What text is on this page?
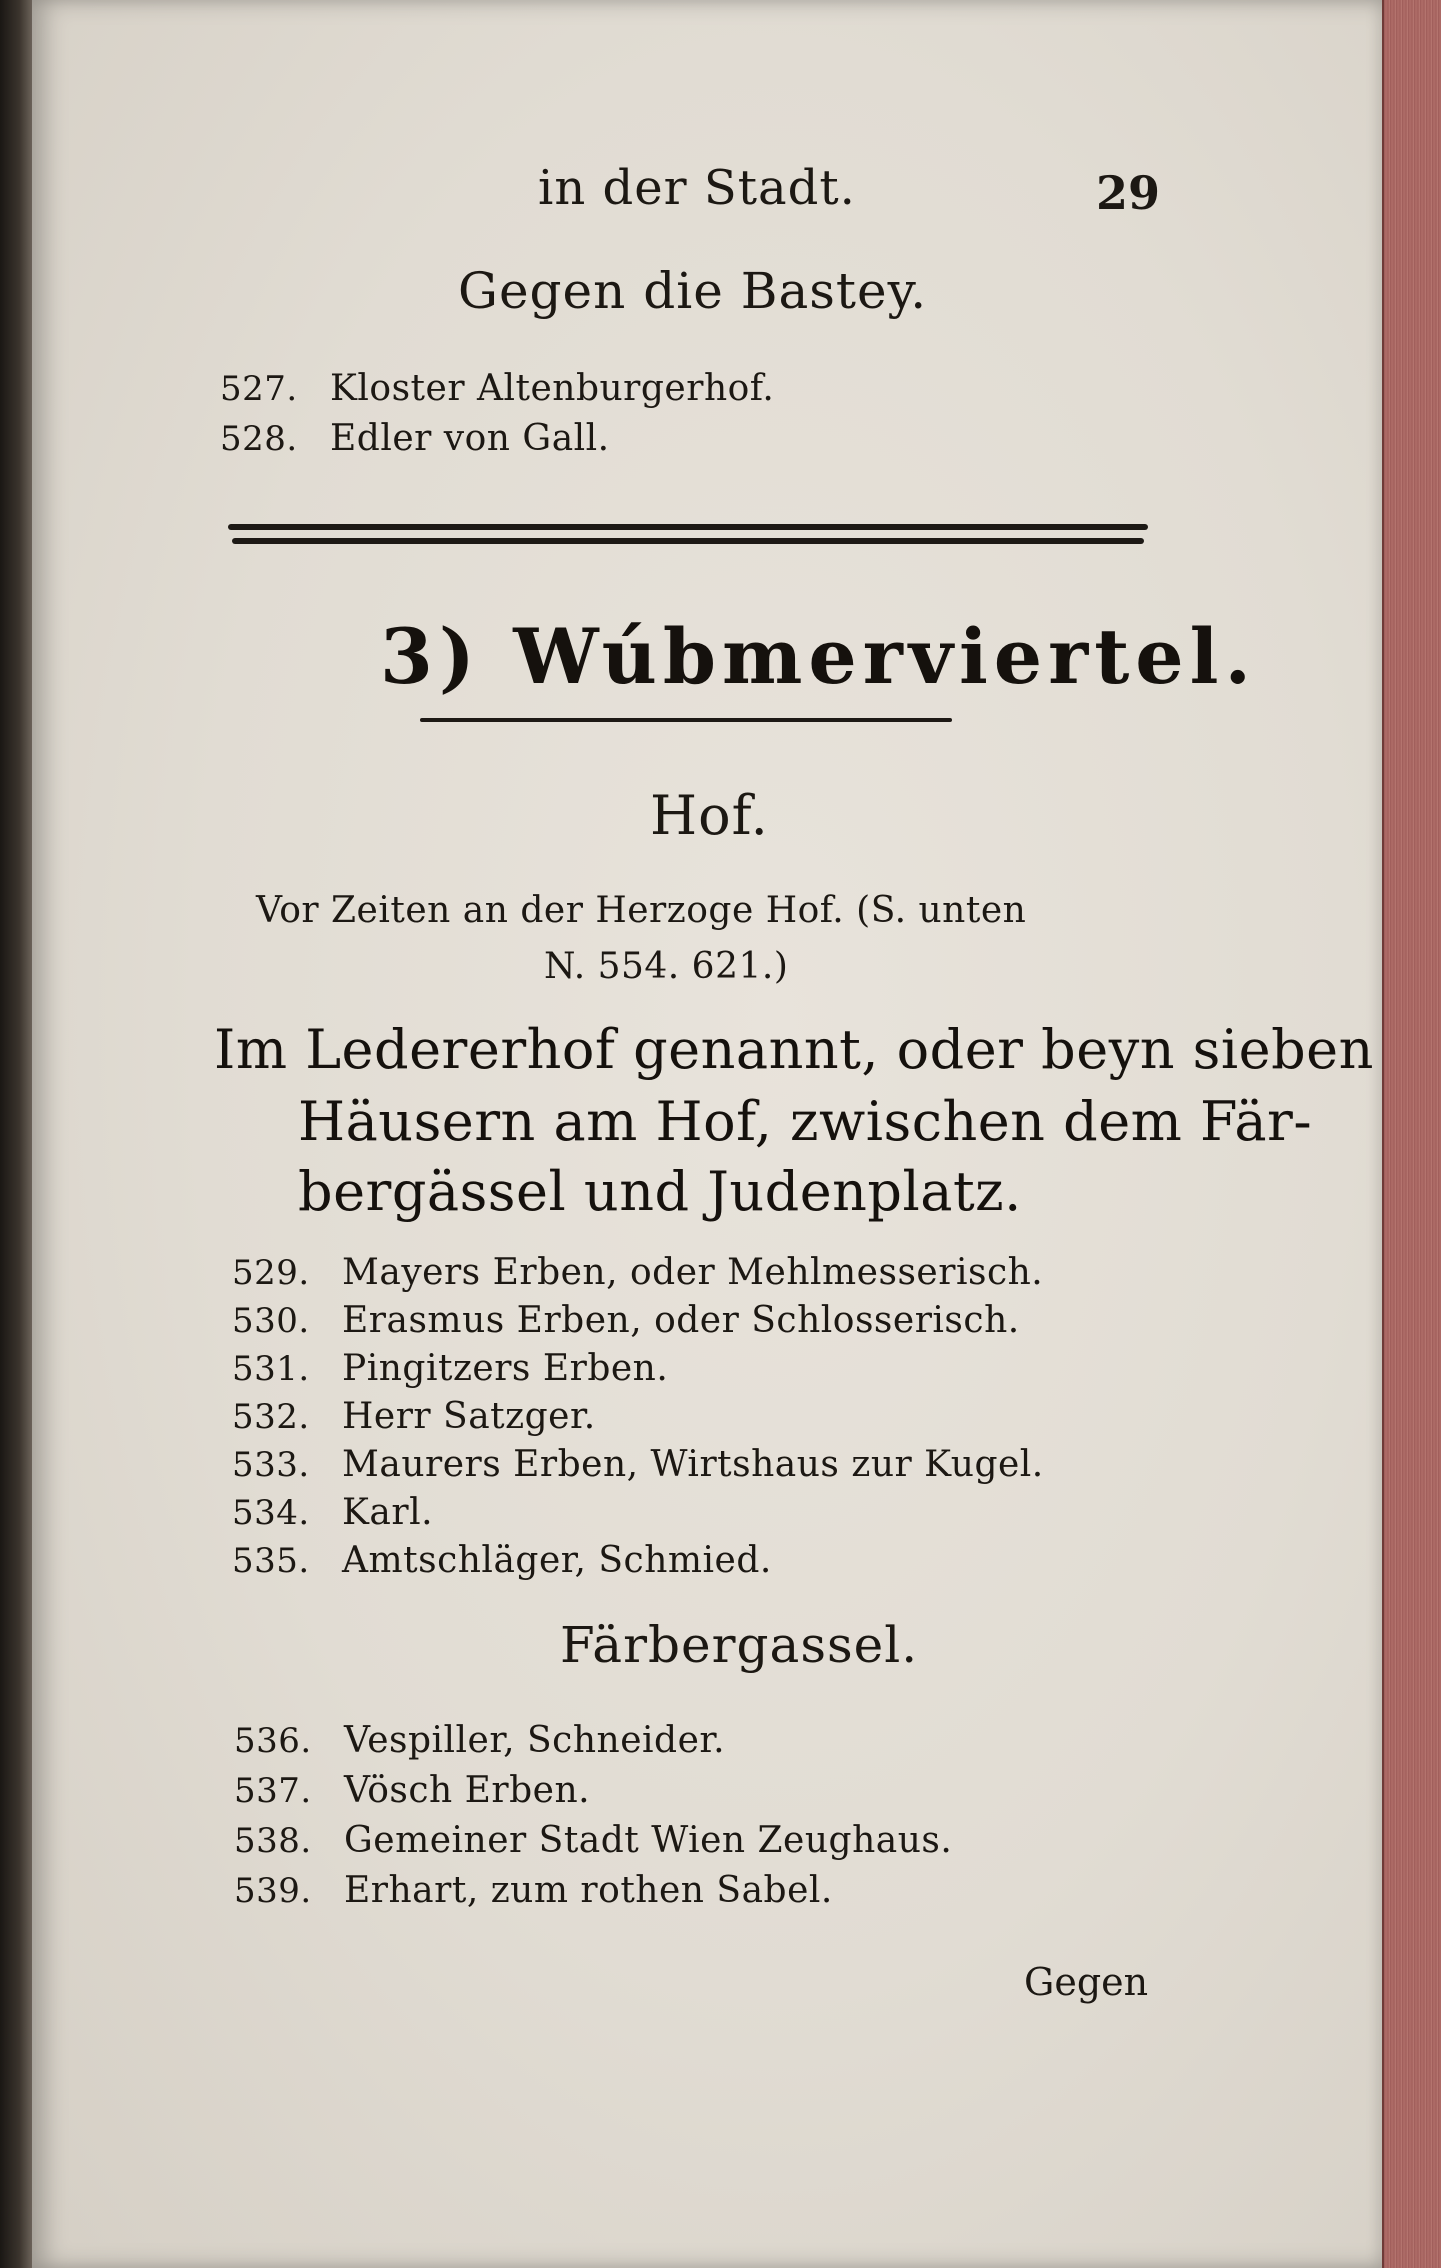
in der Stadt.	29
Gegen die Bastey.
527. Kloster Altenburgerhof.
528. Edler von Gall.
3) Wúbmerviertel.
Hof.
Vor Zeiten an der Herzoge Hof. (S. unten
N. 554. 621.)
Im Ledererhof genannt, oder beyn sieben
Häusern am Hof, zwischen dem Fär-
bergässel und Judenplatz.
529. Mayers Erben, oder Mehlmesserisch.
530. Erasmus Erben, oder Schlosserisch.
531. Pingitzers Erben.
532. Herr Satzger.
533. Maurers Erben, Wirtshaus zur Kugel.
534. Karl.
535. Amtschläger, Schmied.
Färbergassel.
536. Vespiller, Schneider.
537. Vösch Erben.
538. Gemeiner Stadt Wien Zeughaus.
539. Erhart, zum rothen Sabel.
Gegen
